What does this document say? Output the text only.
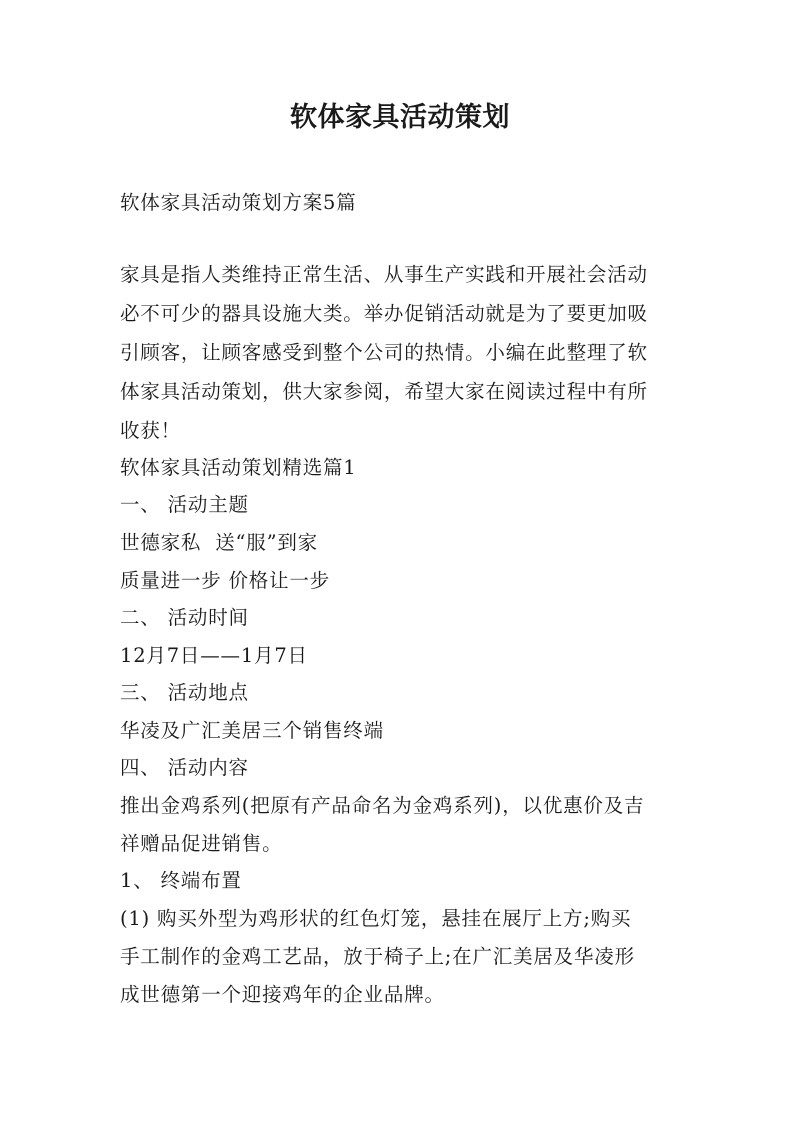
软体家具活动策划
软体家具活动策划方案5篇
家具是指人类维持正常生活、从事生产实践和开展社会活动
必不可少的器具设施大类。举办促销活动就是为了要更加吸
引顾客，让顾客感受到整个公司的热情。小编在此整理了软
体家具活动策划，供大家参阅，希望大家在阅读过程中有所
收获！
软体家具活动策划精选篇1
一、 活动主题
世德家私  送“服”到家
质量进一步 价格让一步
二、 活动时间
12月7日——1月7日
三、 活动地点
华凌及广汇美居三个销售终端
四、 活动内容
推出金鸡系列(把原有产品命名为金鸡系列)，以优惠价及吉
祥赠品促进销售。
1、 终端布置
(1) 购买外型为鸡形状的红色灯笼，悬挂在展厅上方;购买
手工制作的金鸡工艺品，放于椅子上;在广汇美居及华凌形
成世德第一个迎接鸡年的企业品牌。
